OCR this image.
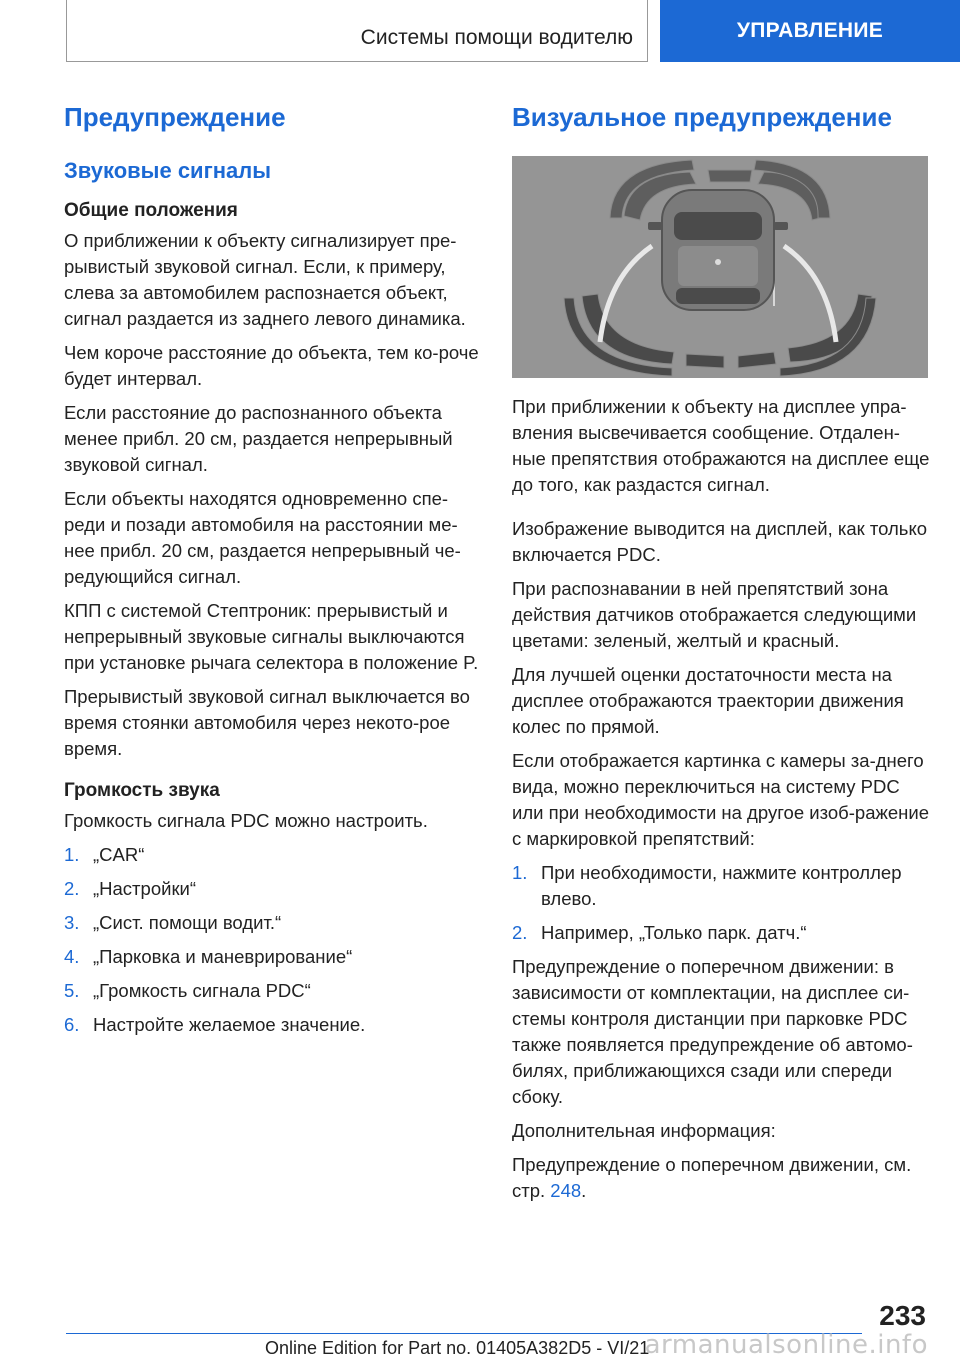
Системы помощи водителю	УПРАВЛЕНИЕ
Предупреждение
Звуковые сигналы
Общие положения

О приближении к объекту сигнализирует пре-рывистый звуковой сигнал. Если, к примеру, слева за автомобилем распознается объект, сигнал раздается из заднего левого динамика.

Чем короче расстояние до объекта, тем ко-роче будет интервал.

Если расстояние до распознанного объекта менее прибл. 20 см, раздается непрерывный звуковой сигнал.

Если объекты находятся одновременно спе-реди и позади автомобиля на расстоянии ме-нее прибл. 20 см, раздается непрерывный че-редующийся сигнал.

КПП с системой Стептроник: прерывистый и непрерывный звуковые сигналы выключаются при установке рычага селектора в положение P.

Прерывистый звуковой сигнал выключается во время стоянки автомобиля через некото-рое время.

Громкость звука

Громкость сигнала PDC можно настроить.

1. „CAR“
2. „Настройки“
3. „Сист. помощи водит.“
4. „Парковка и маневрирование“
5. „Громкость сигнала PDC“
6. Настройте желаемое значение.
Визуальное предупреждение

При приближении к объекту на дисплее упра-вления высвечивается сообщение. Отдален-ные препятствия отображаются на дисплее еще до того, как раздастся сигнал.

Изображение выводится на дисплей, как только включается PDC.

При распознавании в ней препятствий зона действия датчиков отображается следующими цветами: зеленый, желтый и красный.

Для лучшей оценки достаточности места на дисплее отображаются траектории движения колес по прямой.

Если отображается картинка с камеры за-днего вида, можно переключиться на систему PDC или при необходимости на другое изоб-ражение с маркировкой препятствий:

1. При необходимости, нажмите контроллер влево.
2. Например, „Только парк. датч.“

Предупреждение о поперечном движении: в зависимости от комплектации, на дисплее си-стемы контроля дистанции при парковке PDC также появляется предупреждение об автомо-билях, приближающихся сзади или спереди сбоку.

Дополнительная информация:

Предупреждение о поперечном движении, см. стр. 248.

233
Online Edition for Part no. 01405A382D5 - VI/21
armanualsonline.info
